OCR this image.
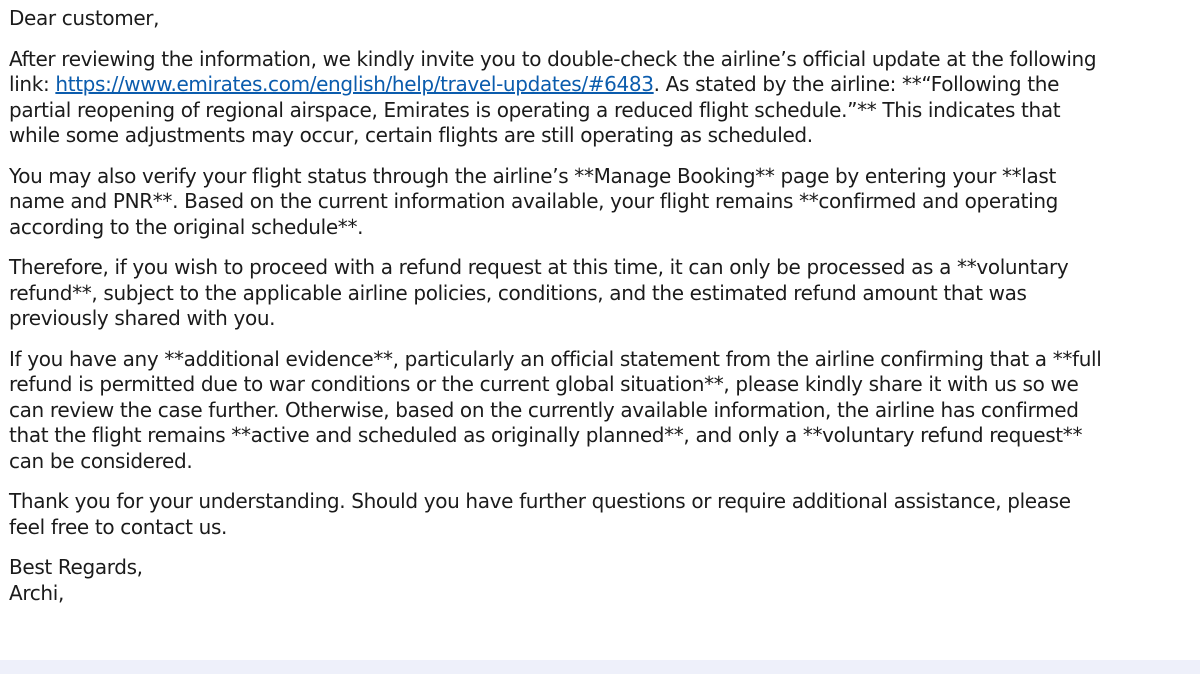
Dear customer,

After reviewing the information, we kindly invite you to double-check the airline’s official update at the following
link: https://www.emirates.com/english/help/travel-updates/#6483. As stated by the airline: **“Following the
partial reopening of regional airspace, Emirates is operating a reduced flight schedule.”** This indicates that
while some adjustments may occur, certain flights are still operating as scheduled.

You may also verify your flight status through the airline’s **Manage Booking** page by entering your **last
name and PNR**. Based on the current information available, your flight remains **confirmed and operating
according to the original schedule**.

Therefore, if you wish to proceed with a refund request at this time, it can only be processed as a **voluntary
refund**, subject to the applicable airline policies, conditions, and the estimated refund amount that was
previously shared with you.

If you have any **additional evidence**, particularly an official statement from the airline confirming that a **full
refund is permitted due to war conditions or the current global situation**, please kindly share it with us so we
can review the case further. Otherwise, based on the currently available information, the airline has confirmed
that the flight remains **active and scheduled as originally planned**, and only a **voluntary refund request**
can be considered.

Thank you for your understanding. Should you have further questions or require additional assistance, please
feel free to contact us.

Best Regards,
Archi,
